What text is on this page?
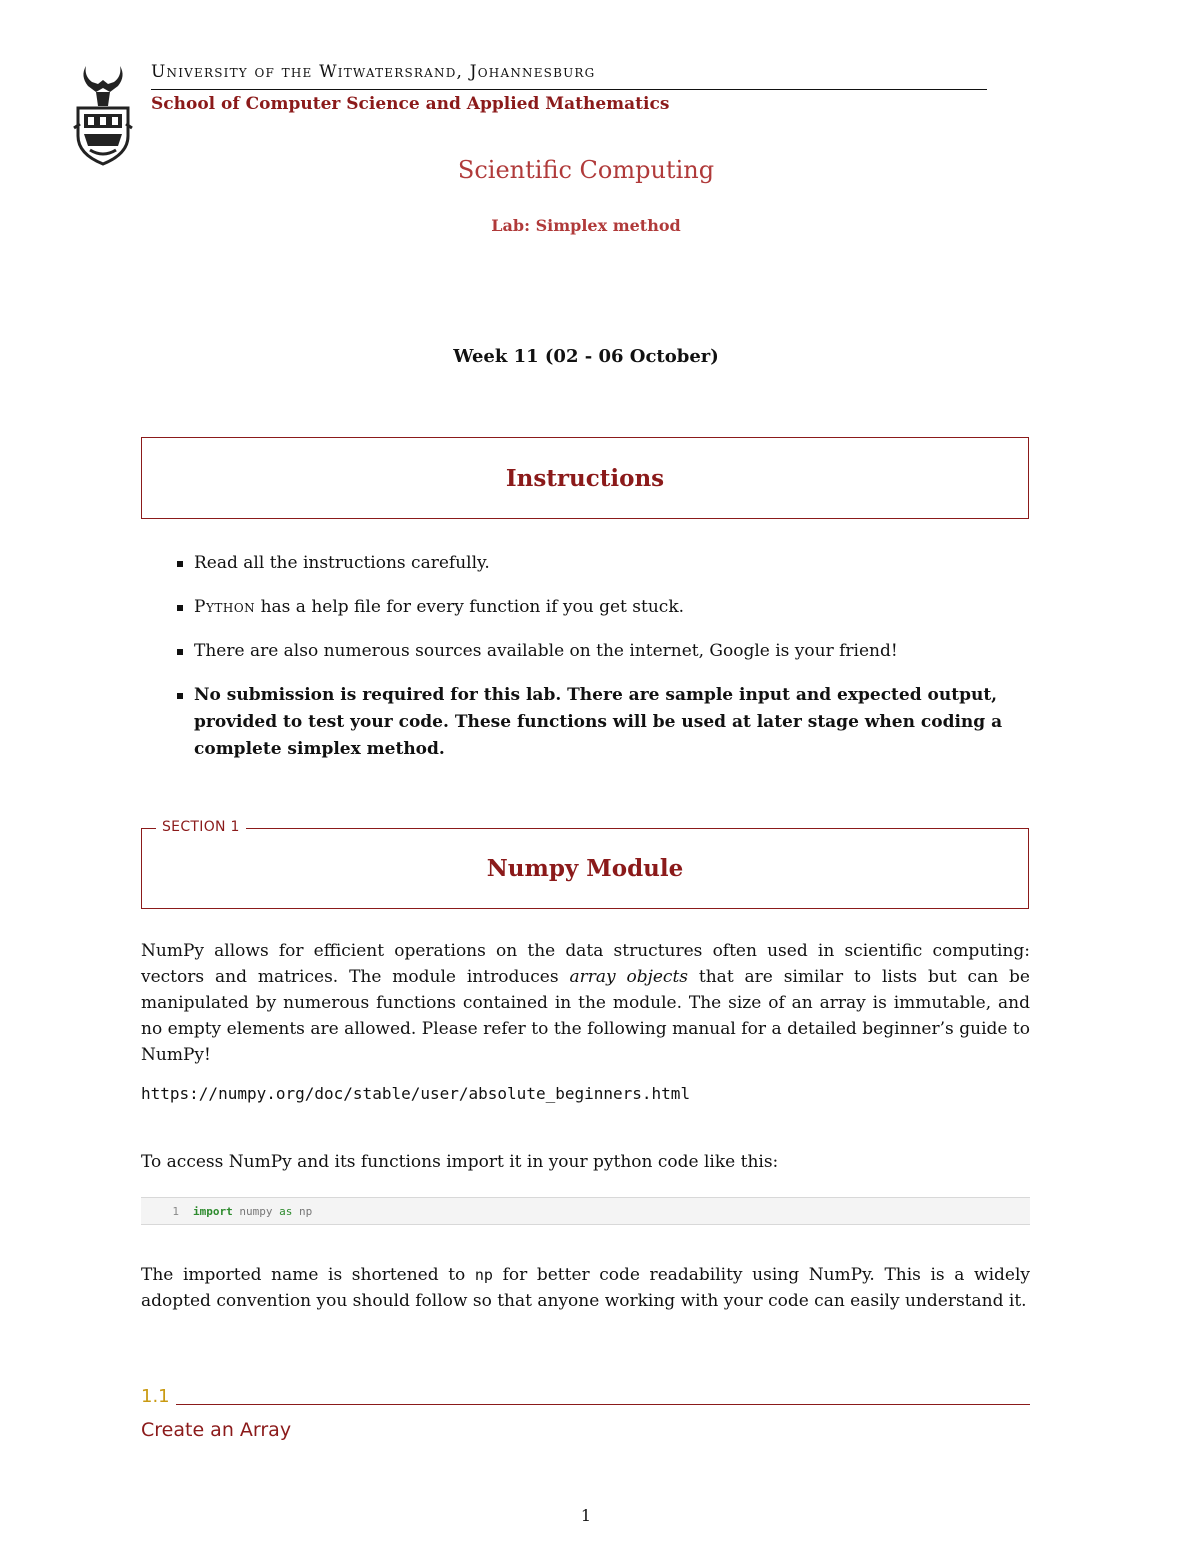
University of the Witwatersrand, Johannesburg
School of Computer Science and Applied Mathematics
Scientific Computing
Lab: Simplex method
Week 11 (02 - 06 October)
Instructions
Read all the instructions carefully.
Python has a help file for every function if you get stuck.
There are also numerous sources available on the internet, Google is your friend!
No submission is required for this lab. There are sample input and expected output, provided to test your code. These functions will be used at later stage when coding a complete simplex method.
Numpy Module
SECTION 1
NumPy allows for efficient operations on the data structures often used in scientific computing: vectors and matrices. The module introduces array objects that are similar to lists but can be manipulated by numerous functions contained in the module. The size of an array is immutable, and no empty elements are allowed. Please refer to the following manual for a detailed beginner’s guide to NumPy!
https://numpy.org/doc/stable/user/absolute_beginners.html
To access NumPy and its functions import it in your python code like this:
1	import
numpy
as
np
The imported name is shortened to np for better code readability using NumPy. This is a widely adopted convention you should follow so that anyone working with your code can easily understand it.
1.1
Create an Array
1
